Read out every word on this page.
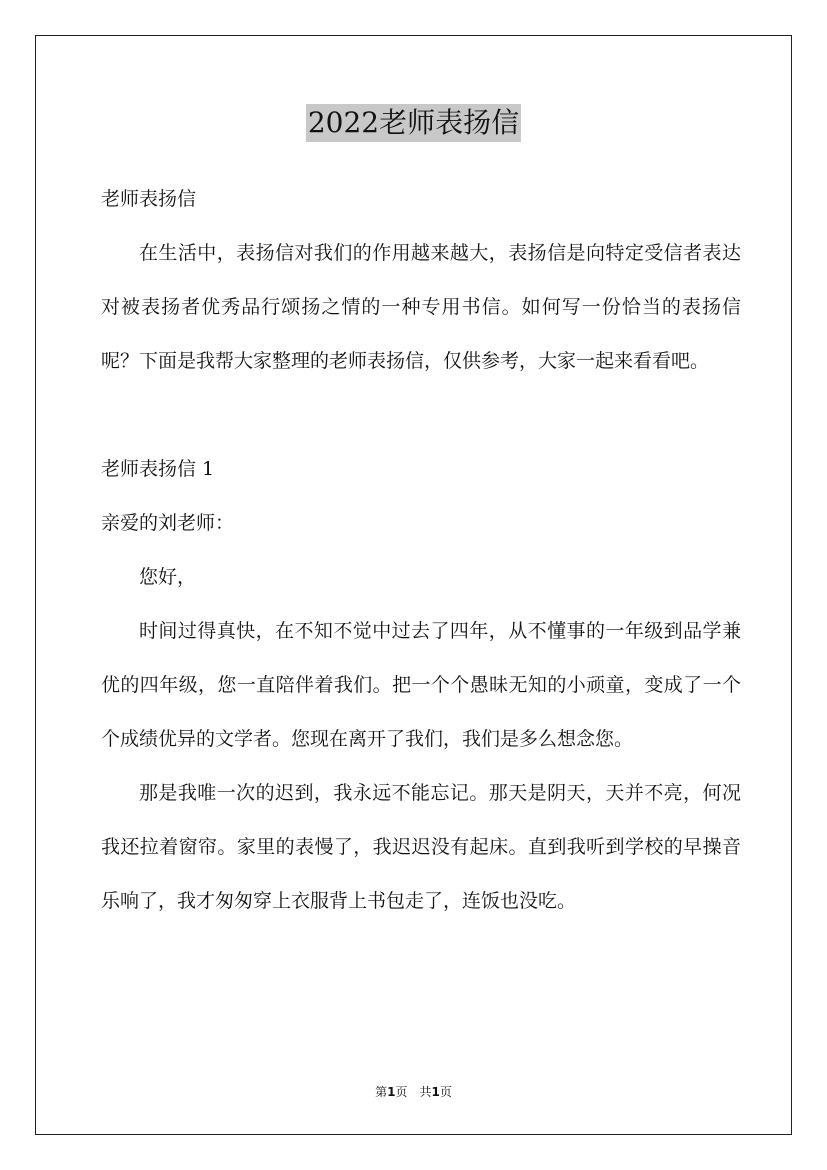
2022老师表扬信

老师表扬信

在生活中，表扬信对我们的作用越来越大，表扬信是向特定受信者表达对被表扬者优秀品行颂扬之情的一种专用书信。如何写一份恰当的表扬信呢？下面是我帮大家整理的老师表扬信，仅供参考，大家一起来看看吧。

老师表扬信 1

亲爱的刘老师：

您好，

时间过得真快，在不知不觉中过去了四年，从不懂事的一年级到品学兼优的四年级，您一直陪伴着我们。把一个个愚昧无知的小顽童，变成了一个个成绩优异的文学者。您现在离开了我们，我们是多么想念您。

那是我唯一次的迟到，我永远不能忘记。那天是阴天，天并不亮，何况我还拉着窗帘。家里的表慢了，我迟迟没有起床。直到我听到学校的早操音乐响了，我才匆匆穿上衣服背上书包走了，连饭也没吃。

第1页 共1页
